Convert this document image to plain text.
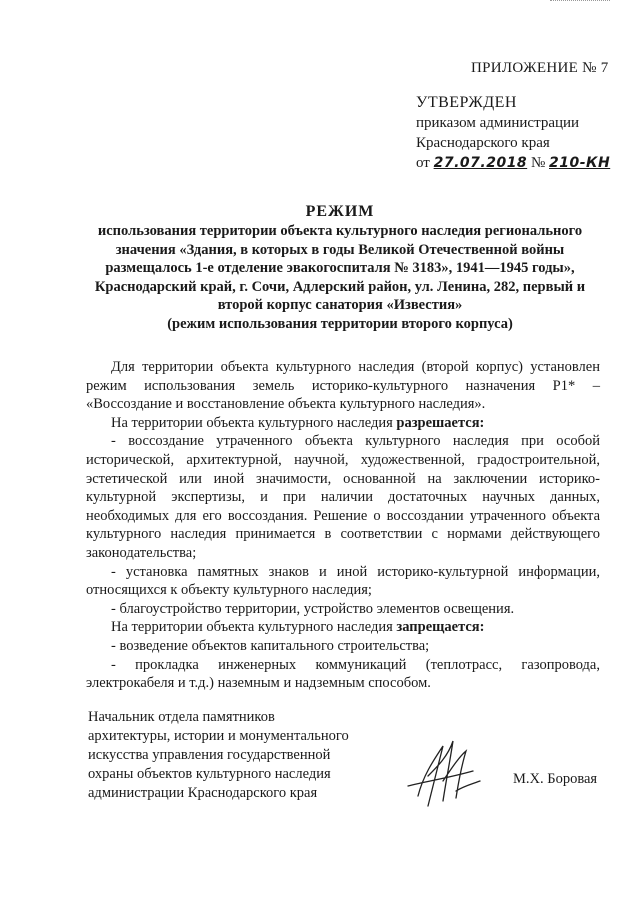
ПРИЛОЖЕНИЕ № 7
УТВЕРЖДЕН
приказом администрации
Краснодарского края
от 27.07.2018 № 210-КН
РЕЖИМ
использования территории объекта культурного наследия регионального
значения «Здания, в которых в годы Великой Отечественной войны
размещалось 1-е отделение эвакогоспиталя № 3183», 1941—1945 годы»,
Краснодарский край, г. Сочи, Адлерский район, ул. Ленина, 282, первый и
второй корпус санатория «Известия»
(режим использования территории второго корпуса)

Для территории объекта культурного наследия (второй корпус) установлен режим использования земель историко-культурного назначения Р1* – «Воссоздание и восстановление объекта культурного наследия».

На территории объекта культурного наследия разрешается:

- воссоздание утраченного объекта культурного наследия при особой исторической, архитектурной, научной, художественной, градостроительной, эстетической или иной значимости, основанной на заключении историко-культурной экспертизы, и при наличии достаточных научных данных, необходимых для его воссоздания. Решение о воссоздании утраченного объекта культурного наследия принимается в соответствии с нормами действующего законодательства;

- установка памятных знаков и иной историко-культурной информации, относящихся к объекту культурного наследия;

- благоустройство территории, устройство элементов освещения.

На территории объекта культурного наследия запрещается:

- возведение объектов капитального строительства;

- прокладка инженерных коммуникаций (теплотрасс, газопровода, электрокабеля и т.д.) наземным и надземным способом.

Начальник отдела памятников

архитектуры, истории и монументального

искусства управления государственной

охраны объектов культурного наследия

администрации Краснодарского края

М.Х. Боровая
